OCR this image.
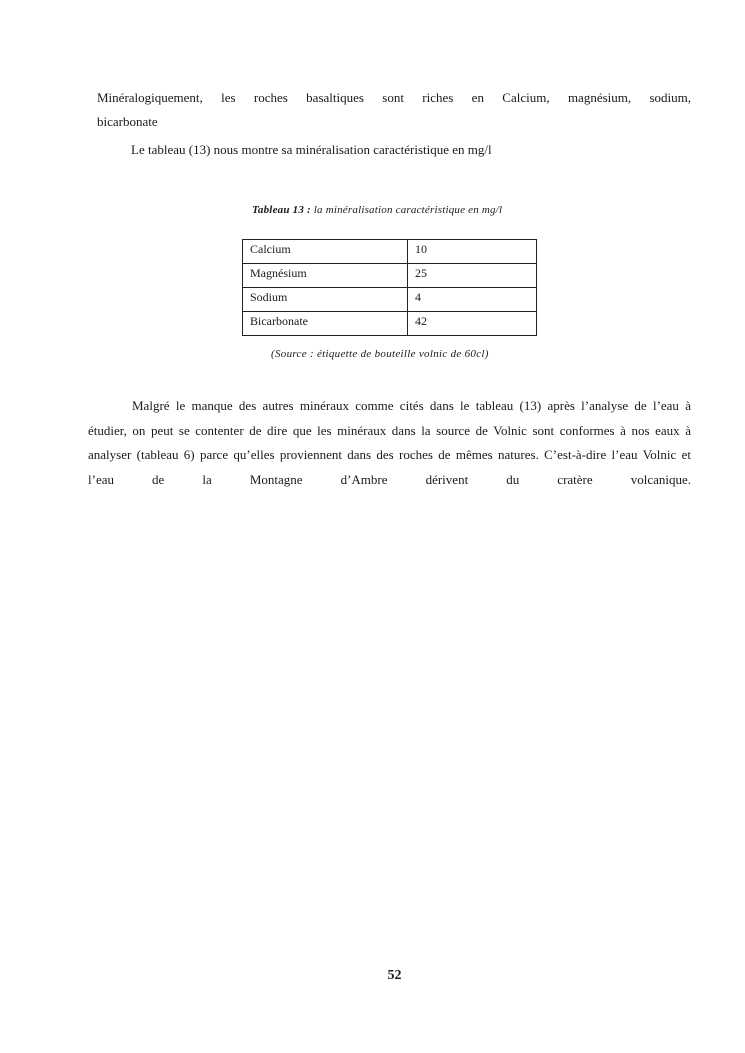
Minéralogiquement, les roches basaltiques sont riches en Calcium, magnésium, sodium,
bicarbonate

Le tableau (13) nous montre sa minéralisation caractéristique en mg/l

Tableau 13 : la minéralisation caractéristique en mg/l
Calcium	10
Magnésium	25
Sodium	4
Bicarbonate	42
(Source : étiquette de bouteille volnic de 60cl)

Malgré le manque des autres minéraux comme cités dans le tableau (13) après l’analyse de l’eau à étudier, on peut se contenter de dire que les minéraux dans la source de Volnic sont conformes à nos eaux à analyser (tableau 6) parce qu’elles proviennent dans des roches de mêmes natures. C’est-à-dire l’eau Volnic et l’eau de la Montagne d’Ambre dérivent du cratère volcanique.

52
